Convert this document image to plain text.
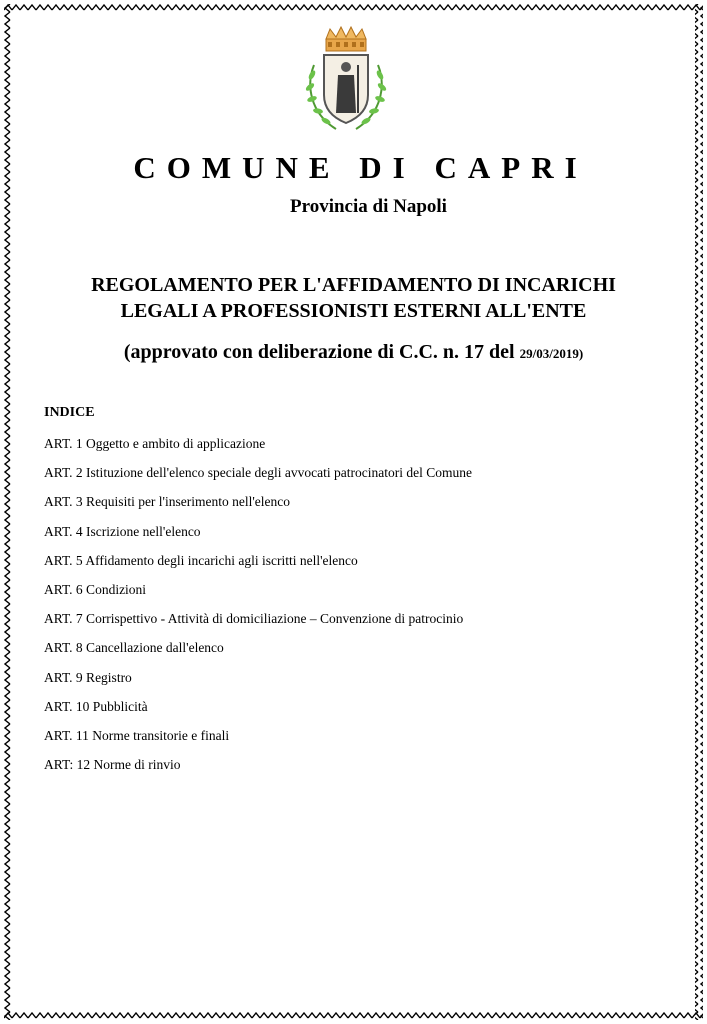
COMUNE DI CAPRI
Provincia di Napoli
REGOLAMENTO PER L'AFFIDAMENTO DI INCARICHI
LEGALI A PROFESSIONISTI ESTERNI ALL'ENTE
(approvato con deliberazione di C.C. n. 17 del 29/03/2019)
INDICE
ART. 1 Oggetto e ambito di applicazione
ART. 2 Istituzione dell'elenco speciale degli avvocati patrocinatori del Comune
ART. 3 Requisiti per l'inserimento nell'elenco
ART. 4 Iscrizione nell'elenco
ART. 5 Affidamento degli incarichi agli iscritti nell'elenco
ART. 6 Condizioni
ART. 7 Corrispettivo - Attività di domiciliazione – Convenzione di patrocinio
ART. 8 Cancellazione dall'elenco
ART. 9 Registro
ART. 10 Pubblicità
ART. 11 Norme transitorie e finali
ART: 12 Norme di rinvio
